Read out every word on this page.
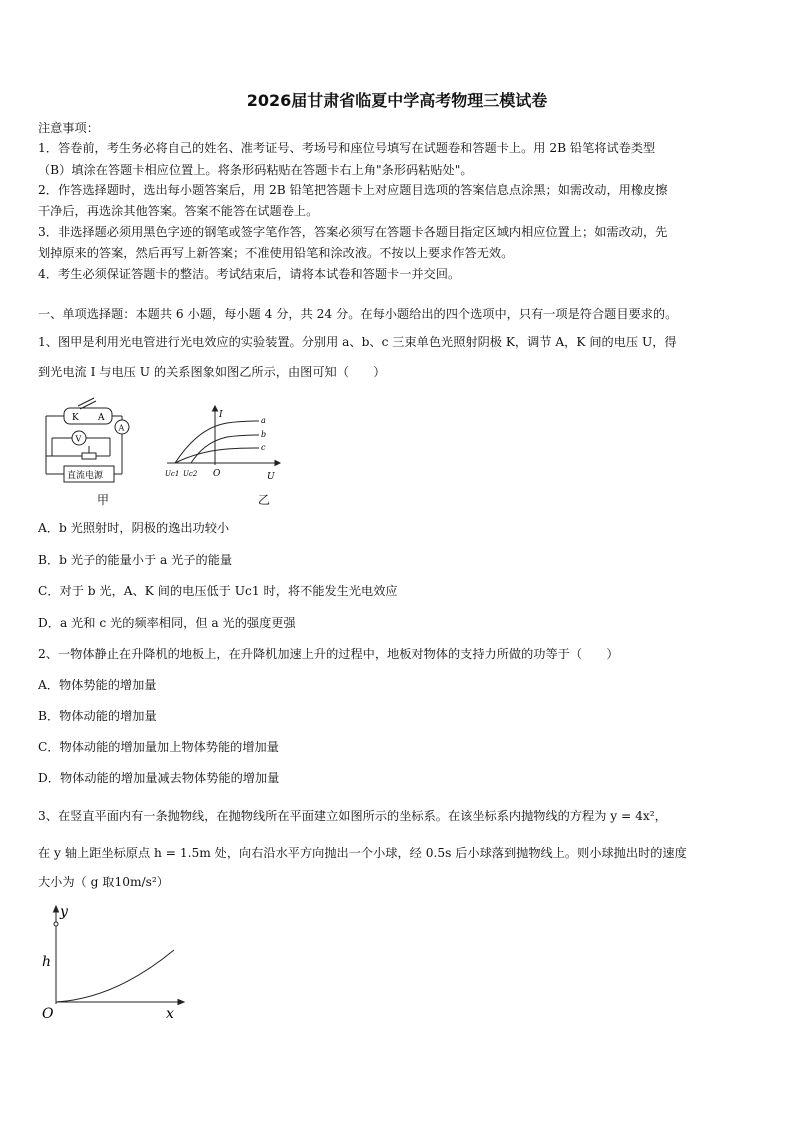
2026届甘肃省临夏中学高考物理三模试卷
注意事项：
1．答卷前，考生务必将自己的姓名、准考证号、考场号和座位号填写在试题卷和答题卡上。用 2B 铅笔将试卷类型
（B）填涂在答题卡相应位置上。将条形码粘贴在答题卡右上角"条形码粘贴处"。
2．作答选择题时，选出每小题答案后，用 2B 铅笔把答题卡上对应题目选项的答案信息点涂黑；如需改动，用橡皮擦
干净后，再选涂其他答案。答案不能答在试题卷上。
3．非选择题必须用黑色字迹的钢笔或签字笔作答，答案必须写在答题卡各题目指定区域内相应位置上；如需改动，先
划掉原来的答案，然后再写上新答案；不准使用铅笔和涂改液。不按以上要求作答无效。
4．考生必须保证答题卡的整洁。考试结束后，请将本试卷和答题卡一并交回。
一、单项选择题：本题共 6 小题，每小题 4 分，共 24 分。在每小题给出的四个选项中，只有一项是符合题目要求的。
1、图甲是利用光电管进行光电效应的实验装置。分别用 a、b、c 三束单色光照射阴极 K，调节 A，K 间的电压 U，得
到光电流 I 与电压 U 的关系图象如图乙所示，由图可知（　　）
K A
A
V
直流电源
甲
I
U
O
Uc1 Uc2
a
b
c
乙
A．b 光照射时，阴极的逸出功较小
B．b 光子的能量小于 a 光子的能量
C．对于 b 光，A、K 间的电压低于 Uc1 时，将不能发生光电效应
D．a 光和 c 光的频率相同，但 a 光的强度更强
2、一物体静止在升降机的地板上，在升降机加速上升的过程中，地板对物体的支持力所做的功等于（　　）
A．物体势能的增加量
B．物体动能的增加量
C．物体动能的增加量加上物体势能的增加量
D．物体动能的增加量减去物体势能的增加量
3、在竖直平面内有一条抛物线，在抛物线所在平面建立如图所示的坐标系。在该坐标系内抛物线的方程为 y = 4x²，
在 y 轴上距坐标原点 h = 1.5m 处，向右沿水平方向抛出一个小球，经 0.5s 后小球落到抛物线上。则小球抛出时的速度
大小为（ g 取10m/s²）
y
x
O
h
